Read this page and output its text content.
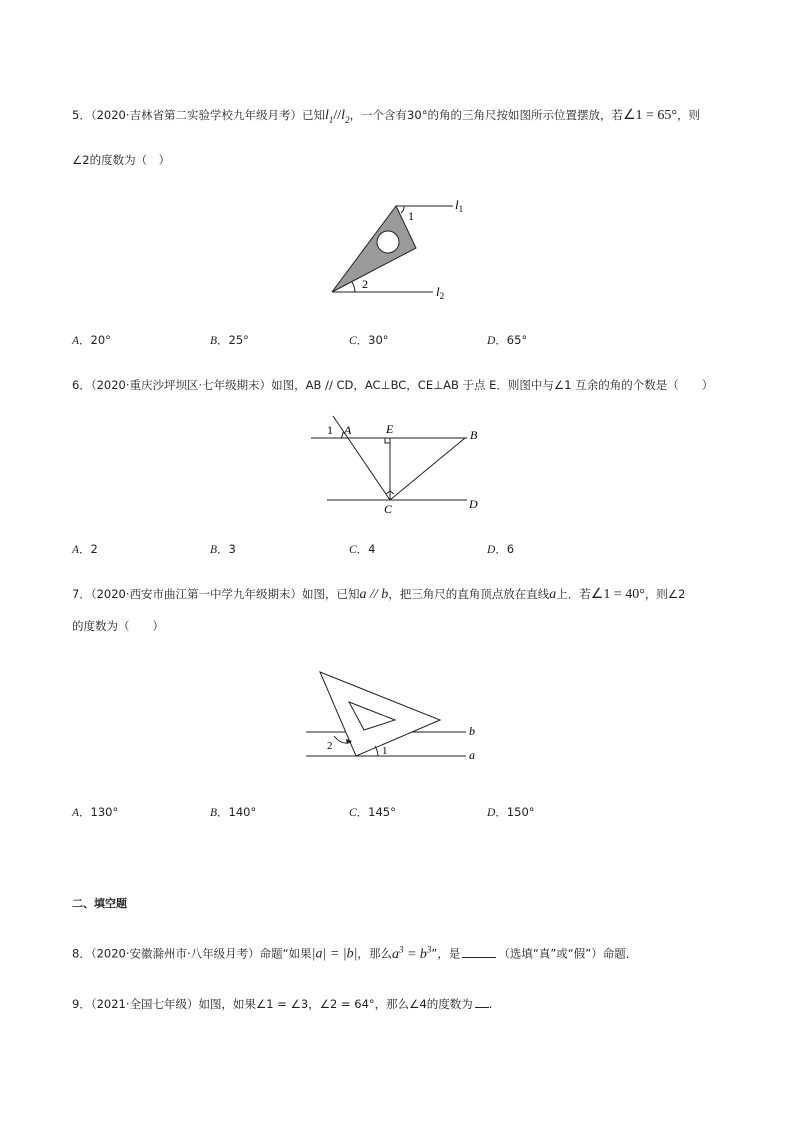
5．（2020·吉林省第二实验学校九年级月考）已知$l_1//l_2$，一个含有30°的角的三角尺按如图所示位置摆放，若∠1 = 65°，则
∠2的度数为（　）
$l_1$
$l_2$
1
2
A．20°	B．25°	C．30°	D．65°
6．（2020·重庆沙坪坝区·七年级期末）如图，AB // CD，AC⊥BC，CE⊥AB 于点 E．则图中与∠1 互余的角的个数是（　　）
1 A	E	B
C	D
A．2	B．3	C．4	D．6
7．（2020·西安市曲江第一中学九年级期末）如图，已知a // b，把三角尺的直角顶点放在直线a上．若∠1 = 40°，则∠2
的度数为（　　）
b
a
1
2
A．130°	B．140°	C．145°	D．150°
二、填空题
8．（2020·安徽滁州市·八年级月考）命题“如果|a| = |b|，那么$a^3 = b^3$”，是	（选填“真”或“假”）命题．
9．（2021·全国七年级）如图，如果∠1 = ∠3，∠2 = 64°，那么∠4的度数为 .
